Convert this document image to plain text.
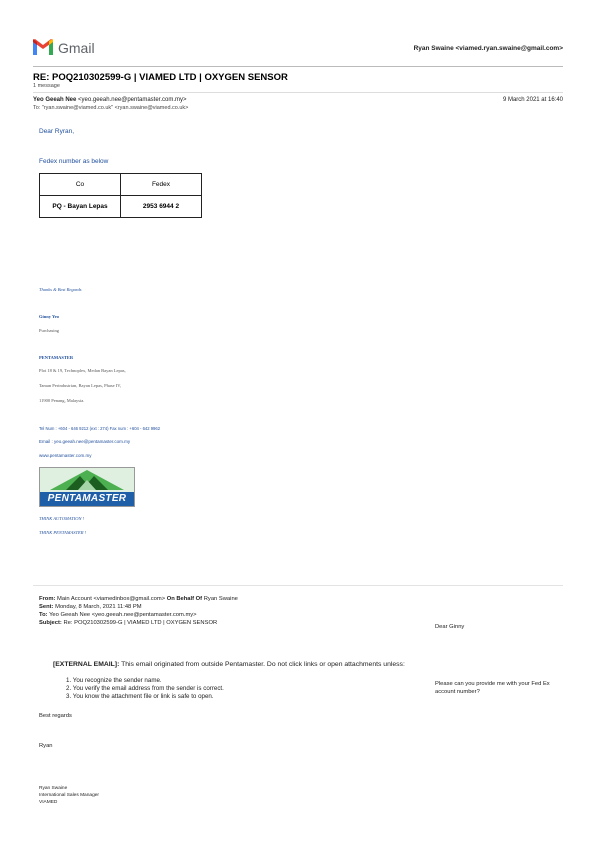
Gmail	Ryan Swaine <viamed.ryan.swaine@gmail.com>
RE: POQ210302599-G | VIAMED LTD | OXYGEN SENSOR
1 message
Yeo Geeah Nee <yeo.geeah.nee@pentamaster.com.my>	9 March 2021 at 16:40
To: "ryan.swaine@viamed.co.uk" <ryan.swaine@viamed.co.uk>
Dear Ryran,
Fedex number as below
Co	Fedex
PQ - Bayan Lepas	2953 6944 2
Thanks & Best Regards
Ginny Yeo
Purchasing
PENTAMASTER
Plot 18 & 19, Technoplex, Medan Bayan Lepas,
Taman Perindustrian, Bayan Lepas, Phase IV,
11900 Penang, Malaysia.
Tel Num : +604 - 646 9212 (ext : 274) Fax num : +604 - 642 9962
Email : yeo.geeah.nee@pentamaster.com.my
www.pentamaster.com.my
PENTAMASTER
THINK AUTOMATION !
THINK PENTAMASTER !
From: Main Account <viamedinbox@gmail.com> On Behalf Of Ryan Swaine
Sent: Monday, 8 March, 2021 11:48 PM
To: Yeo Geeah Nee <yeo.geeah.nee@pentamaster.com.my>
Subject: Re: POQ210302599-G | VIAMED LTD | OXYGEN SENSOR
Dear Ginny
[EXTERNAL EMAIL]: This email originated from outside Pentamaster. Do not click links or open attachments unless:
1. You recognize the sender name.
2. You verify the email address from the sender is correct.
3. You know the attachment file or link is safe to open.
Please can you provide me with your Fed Ex account number?
Best regards
Ryan
Ryan Swaine
International Sales Manager
VIAMED
